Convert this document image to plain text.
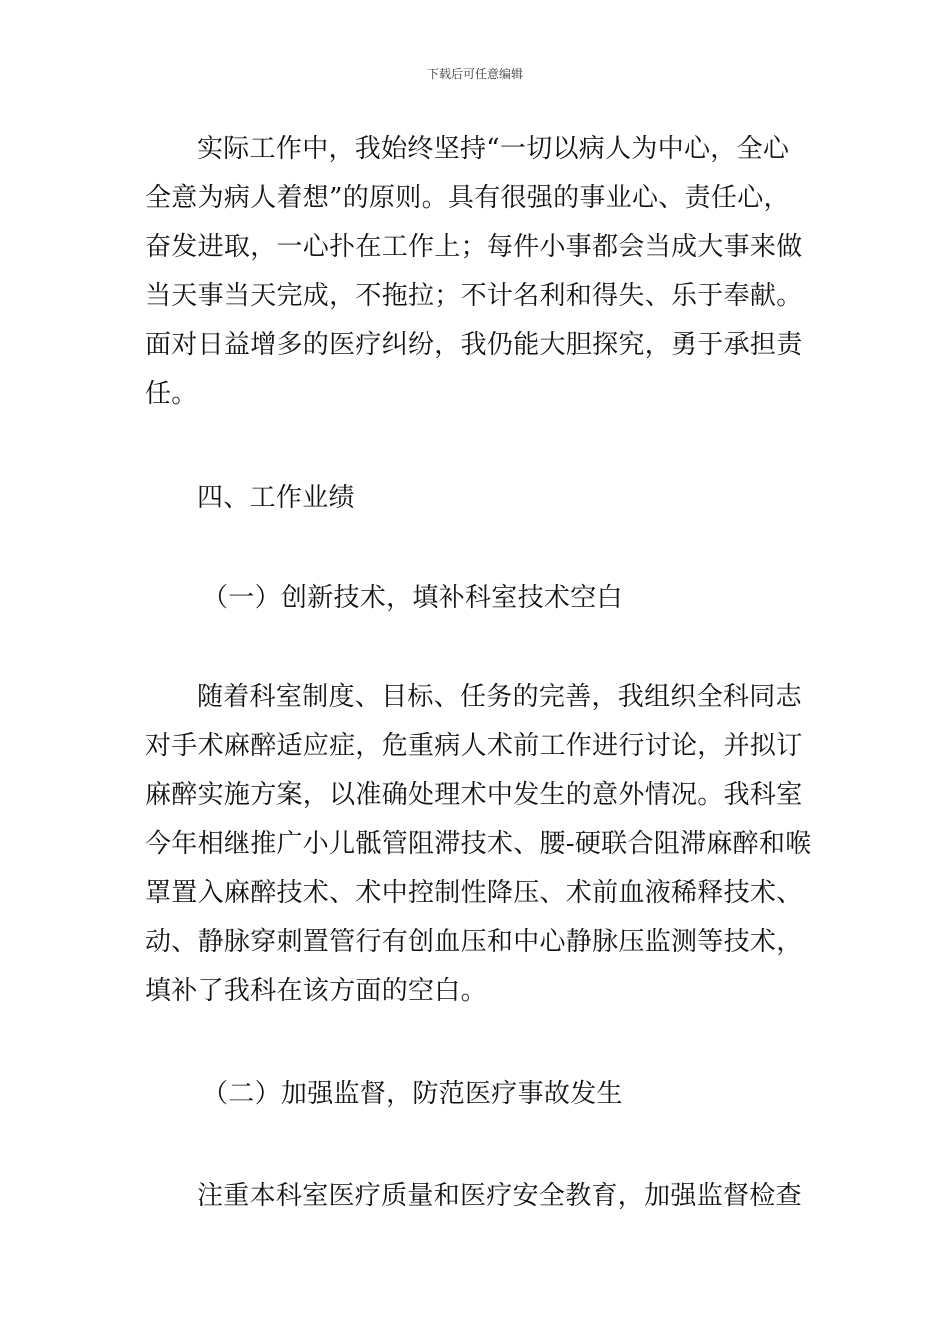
下载后可任意编辑
实际工作中，我始终坚持“一切以病人为中心，全心
全意为病人着想”的原则。具有很强的事业心、责任心，
奋发进取，一心扑在工作上；每件小事都会当成大事来做
当天事当天完成，不拖拉；不计名利和得失、乐于奉献。
面对日益增多的医疗纠纷，我仍能大胆探究，勇于承担责
任。
四、工作业绩
（一）创新技术，填补科室技术空白
随着科室制度、目标、任务的完善，我组织全科同志
对手术麻醉适应症，危重病人术前工作进行讨论，并拟订
麻醉实施方案，以准确处理术中发生的意外情况。我科室
今年相继推广小儿骶管阻滞技术、腰-硬联合阻滞麻醉和喉
罩置入麻醉技术、术中控制性降压、术前血液稀释技术、
动、静脉穿刺置管行有创血压和中心静脉压监测等技术，
填补了我科在该方面的空白。
（二）加强监督，防范医疗事故发生
注重本科室医疗质量和医疗安全教育，加强监督检查
